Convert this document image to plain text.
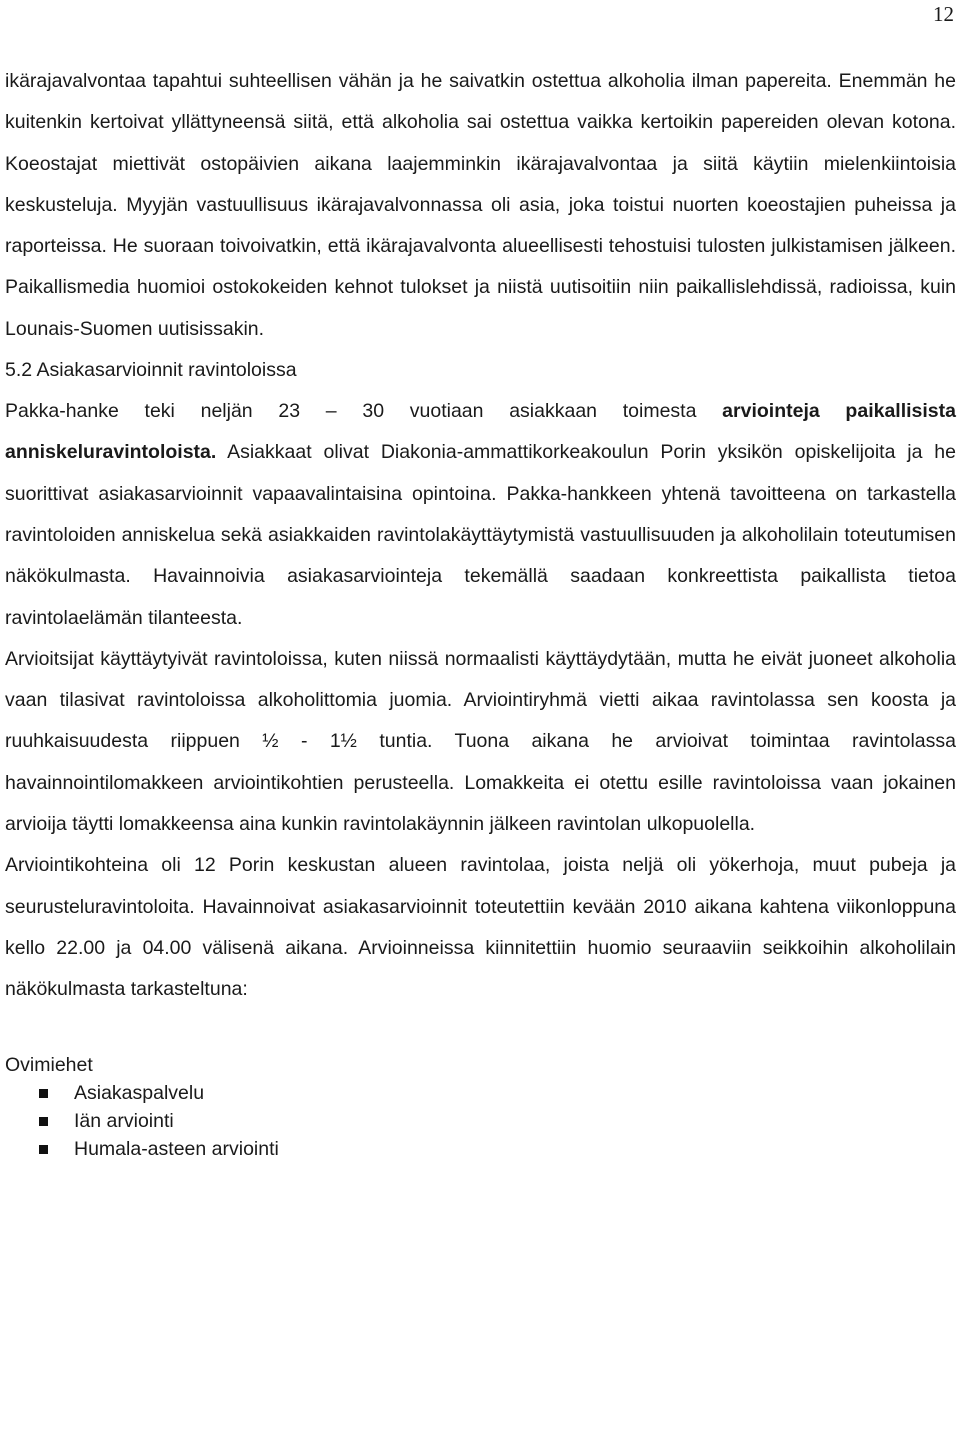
12

ikärajavalvontaa tapahtui suhteellisen vähän ja he saivatkin ostettua alkoholia ilman papereita. Enemmän he kuitenkin kertoivat yllättyneensä siitä, että alkoholia sai ostettua vaikka kertoikin papereiden olevan kotona. Koeostajat miettivät ostopäivien aikana laajemminkin ikärajavalvontaa ja siitä käytiin mielenkiintoisia keskusteluja. Myyjän vastuullisuus ikärajavalvonnassa oli asia, joka toistui nuorten koeostajien puheissa ja raporteissa. He suoraan toivoivatkin, että ikärajavalvonta alueellisesti tehostuisi tulosten julkistamisen jälkeen. Paikallismedia huomioi ostokokeiden kehnot tulokset ja niistä uutisoitiin niin paikallislehdissä, radioissa, kuin Lounais-Suomen uutisissakin.

5.2 Asiakasarvioinnit ravintoloissa

Pakka-hanke teki neljän 23 – 30 vuotiaan asiakkaan toimesta arviointeja paikallisista anniskeluravintoloista. Asiakkaat olivat Diakonia-ammattikorkeakoulun Porin yksikön opiskelijoita ja he suorittivat asiakasarvioinnit vapaavalintaisina opintoina. Pakka-hankkeen yhtenä tavoitteena on tarkastella ravintoloiden anniskelua sekä asiakkaiden ravintolakäyttäytymistä vastuullisuuden ja alkoholilain toteutumisen näkökulmasta. Havainnoivia asiakasarviointeja tekemällä saadaan konkreettista paikallista tietoa ravintolaelämän tilanteesta.

Arvioitsijat käyttäytyivät ravintoloissa, kuten niissä normaalisti käyttäydytään, mutta he eivät juoneet alkoholia vaan tilasivat ravintoloissa alkoholittomia juomia. Arviointiryhmä vietti aikaa ravintolassa sen koosta ja ruuhkaisuudesta riippuen ½ - 1½ tuntia. Tuona aikana he arvioivat toimintaa ravintolassa havainnointilomakkeen arviointikohtien perusteella. Lomakkeita ei otettu esille ravintoloissa vaan jokainen arvioija täytti lomakkeensa aina kunkin ravintolakäynnin jälkeen ravintolan ulkopuolella.

Arviointikohteina oli 12 Porin keskustan alueen ravintolaa, joista neljä oli yökerhoja, muut pubeja ja seurusteluravintoloita. Havainnoivat asiakasarvioinnit toteutettiin kevään 2010 aikana kahtena viikonloppuna kello 22.00 ja 04.00 välisenä aikana. Arvioinneissa kiinnitettiin huomio seuraaviin seikkoihin alkoholilain näkökulmasta tarkasteltuna:

Ovimiehet
Asiakaspalvelu
Iän arviointi
Humala-asteen arviointi
